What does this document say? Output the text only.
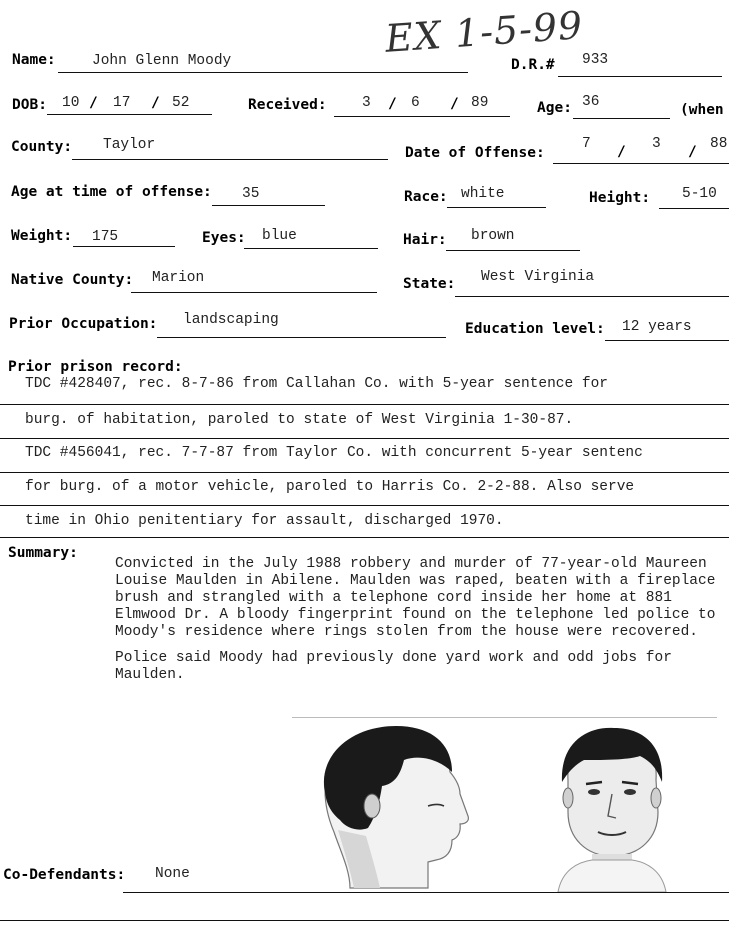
EX 1-5-99
Name:	John Glenn Moody	D.R.# 933
DOB: 10 / 17 / 52	Received: 3 / 6 / 89	Age: 36	(when
County: Taylor	Date of Offense:
7 / 3 / 88
Age at time of offense: 35	Race: white	Height: 5-10
Weight: 175	Eyes: blue	Hair: brown
Native County: Marion	State: West Virginia
Prior Occupation: landscaping
Education level: 12 years
Prior prison record:
TDC #428407, rec. 8-7-86 from Callahan Co. with 5-year sentence for
burg. of habitation, paroled to state of West Virginia 1-30-87.
TDC #456041, rec. 7-7-87 from Taylor Co. with concurrent 5-year sentenc
for burg. of a motor vehicle, paroled to Harris Co. 2-2-88. Also serve
time in Ohio penitentiary for assault, discharged 1970.
Summary:

Convicted in the July 1988 robbery and murder of 77-year-old Maureen Louise Maulden in Abilene. Maulden was raped, beaten with a fireplace brush and strangled with a telephone cord inside her home at 881 Elmwood Dr. A bloody fingerprint found on the telephone led police to Moody's residence where rings stolen from the house were recovered.

Police said Moody had previously done yard work and odd jobs for Maulden.

Co-Defendants: None
